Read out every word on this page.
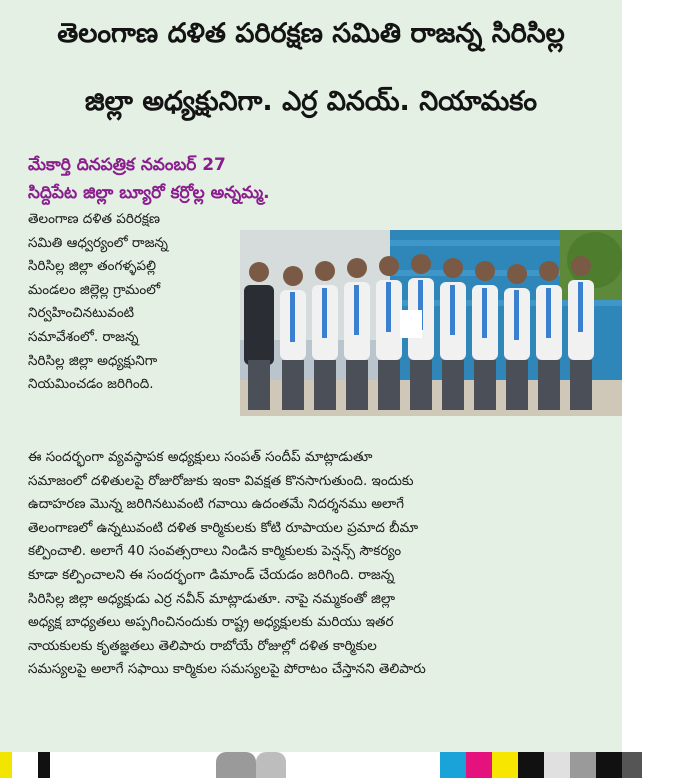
తెలంగాణ దళిత పరిరక్షణ సమితి రాజన్న సిరిసిల్ల
జిల్లా అధ్యక్షునిగా. ఎర్ర వినయ్. నియామకం
మేకార్తి దినపత్రిక నవంబర్ 27
సిద్దిపేట జిల్లా బ్యూరో కర్రోల్ల అన్నమ్మ.
తెలంగాణ దళిత పరిరక్షణ
సమితి ఆధ్వర్యంలో రాజన్న
సిరిసిల్ల జిల్లా తంగళ్ళపల్లి
మండలం జిల్లెల్ల గ్రామంలో
నిర్వహించినటువంటి
సమావేశంలో. రాజన్న
సిరిసిల్ల జిల్లా అధ్యక్షునిగా
నియమించడం జరిగింది.
ఈ సందర్భంగా వ్యవస్థాపక అధ్యక్షులు సంపత్ సందీప్ మాట్లాడుతూ
సమాజంలో దళితులపై రోజురోజుకు ఇంకా వివక్షత కొనసాగుతుంది. ఇందుకు
ఉదాహరణ మొన్న జరిగినటువంటి గవాయి ఉదంతమే నిదర్శనము అలాగే
తెలంగాణలో ఉన్నటువంటి దళిత కార్మికులకు కోటి రూపాయల ప్రమాద బీమా
కల్పించాలి. అలాగే 40 సంవత్సరాలు నిండిన కార్మికులకు పెన్షన్స్ సౌకర్యం
కూడా కల్పించాలని ఈ సందర్భంగా డిమాండ్ చేయడం జరిగింది. రాజన్న
సిరిసిల్ల జిల్లా అధ్యక్షుడు ఎర్ర నవీన్ మాట్లాడుతూ. నాపై నమ్మకంతో జిల్లా
అధ్యక్ష బాధ్యతలు అప్పగించినందుకు రాష్ట్ర అధ్యక్షులకు మరియు ఇతర
నాయకులకు కృతజ్ఞతలు తెలిపారు రాబోయే రోజుల్లో దళిత కార్మికుల
సమస్యలపై అలాగే సఫాయి కార్మికుల సమస్యలపై పోరాటం చేస్తానని తెలిపారు
